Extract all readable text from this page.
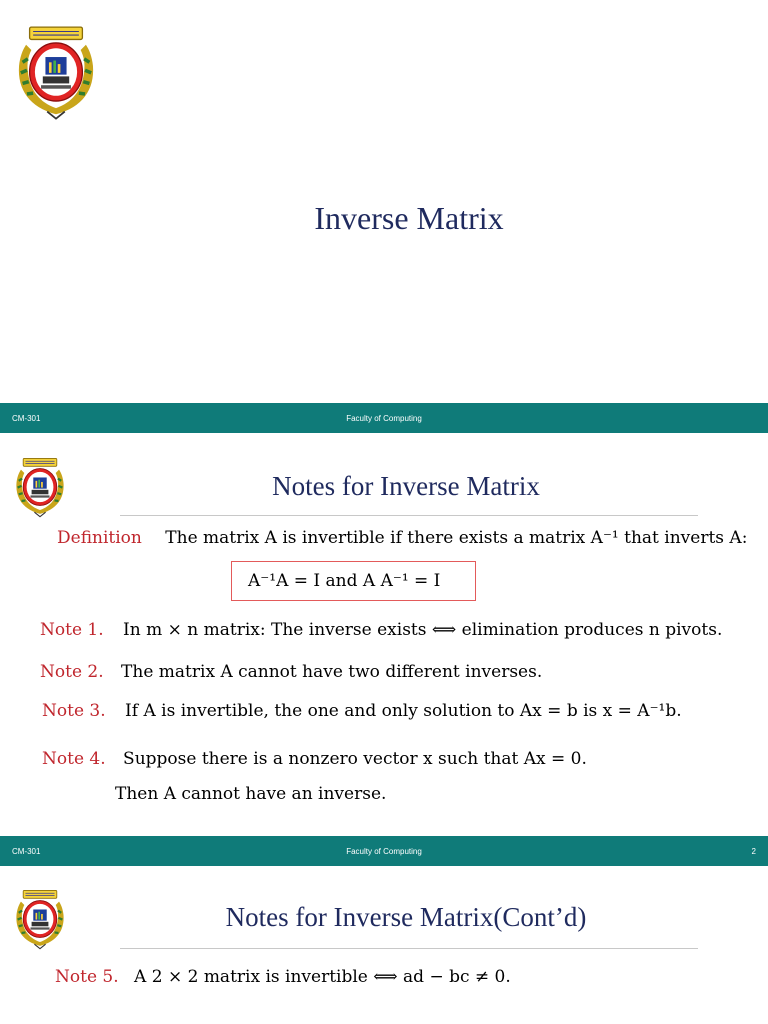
Inverse Matrix
CM-301	Faculty of Computing
Notes for Inverse Matrix
Definition The matrix A is invertible if there exists a matrix A⁻¹ that inverts A:
A⁻¹A = I and A A⁻¹ = I
Note 1. In m × n matrix: The inverse exists ⟺ elimination produces n pivots.
Note 2. The matrix A cannot have two different inverses.
Note 3. If A is invertible, the one and only solution to Ax = b is x = A⁻¹b.
Note 4. Suppose there is a nonzero vector x such that Ax = 0.
Then A cannot have an inverse.
CM-301	Faculty of Computing	2
Notes for Inverse Matrix(Cont’d)
Note 5. A 2 × 2 matrix is invertible ⟺ ad − bc ≠ 0.
